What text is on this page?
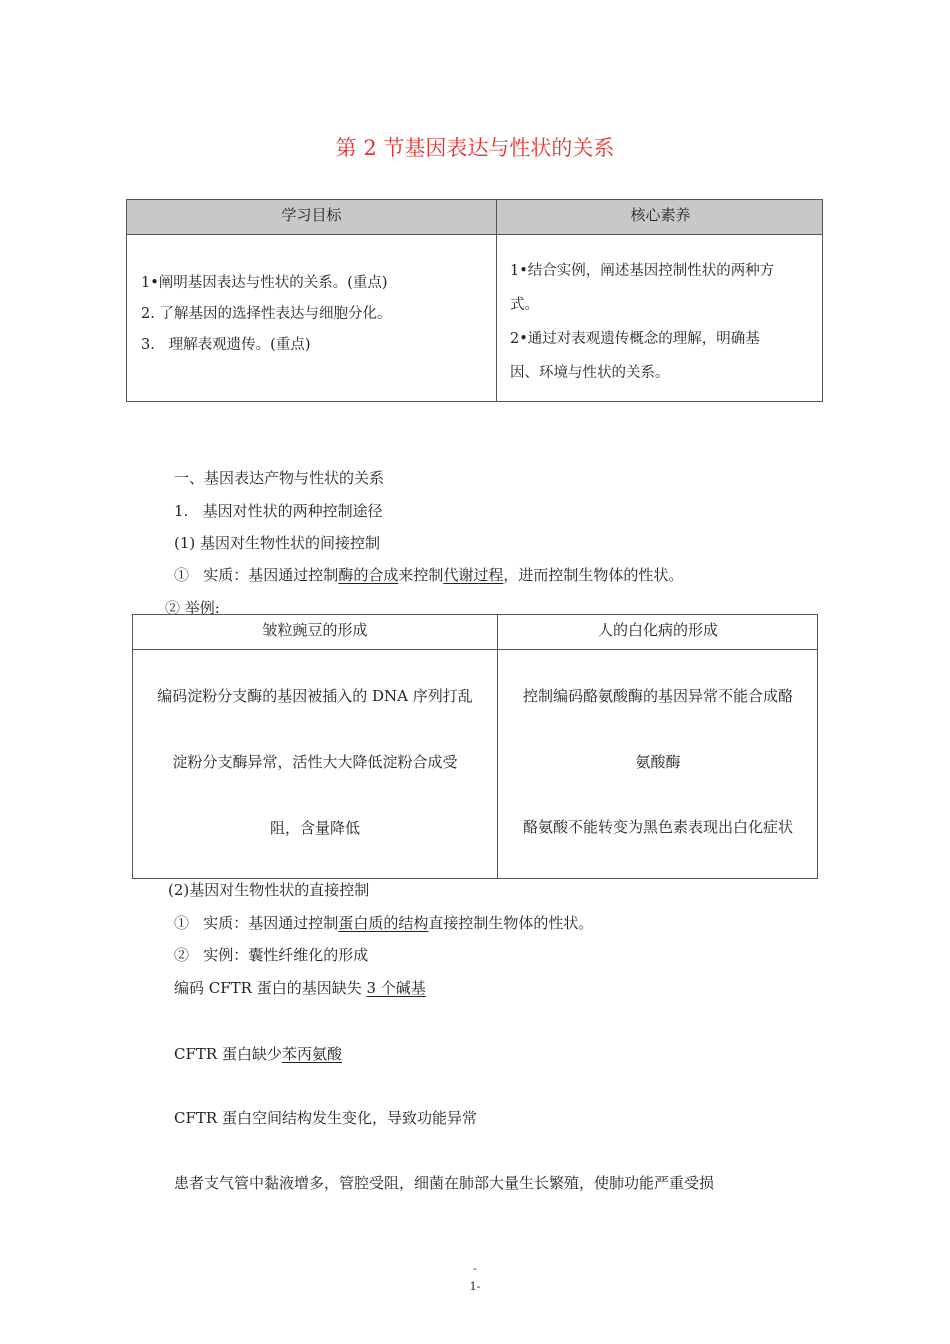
第 2 节基因表达与性状的关系
学习目标	核心素养
1•阐明基因表达与性状的关系。(重点)
2. 了解基因的选择性表达与细胞分化。
3.   理解表观遗传。(重点)
1•结合实例，阐述基因控制性状的两种方
式。
2•通过对表观遗传概念的理解，明确基
因、环境与性状的关系。
一、基因表达产物与性状的关系
1.   基因对性状的两种控制途径
(1) 基因对生物性状的间接控制
①   实质：基因通过控制酶的合成来控制代谢过程，进而控制生物体的性状。
② 举例:
皱粒豌豆的形成	人的白化病的形成
编码淀粉分支酶的基因被插入的 DNA 序列打乱
淀粉分支酶异常，活性大大降低淀粉合成受
阻，含量降低
控制编码酪氨酸酶的基因异常不能合成酪
氨酸酶
酪氨酸不能转变为黑色素表现出白化症状
(2)基因对生物性状的直接控制
①   实质：基因通过控制蛋白质的结构直接控制生物体的性状。
②   实例：囊性纤维化的形成
编码 CFTR 蛋白的基因缺失 3 个碱基
CFTR 蛋白缺少苯丙氨酸
CFTR 蛋白空间结构发生变化，导致功能异常
患者支气管中黏液增多，管腔受阻，细菌在肺部大量生长繁殖，使肺功能严重受损
-
1-
